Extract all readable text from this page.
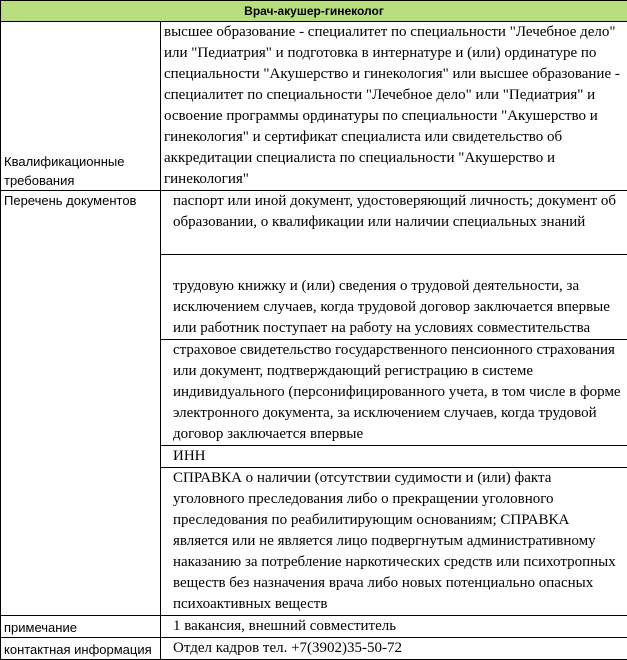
Врач-акушер-гинеколог	
Квалификационные требования	высшее образование - специалитет по специальности "Лечебное дело" или "Педиатрия" и подготовка в интернатуре и (или) ординатуре по специальности "Акушерство и гинекология" или высшее образование - специалитет по специальности "Лечебное дело" или "Педиатрия" и освоение программы ординатуры по специальности "Акушерство и гинекология" и сертификат специалиста или свидетельство об аккредитации специалиста по специальности "Акушерство и гинекология"
Перечень документов	паспорт или иной документ, удостоверяющий личность; документ об образовании, о квалификации или наличии специальных знаний
	трудовую книжку и (или) сведения о трудовой деятельности, за исключением случаев, когда трудовой договор заключается впервые или работник поступает на работу на условиях совместительства
	страховое свидетельство государственного пенсионного страхования или документ, подтверждающий регистрацию в системе индивидуального (персонифицированного учета, в том числе в форме электронного документа, за исключением случаев, когда трудовой договор заключается впервые
	ИНН
	СПРАВКА о наличии (отсутствии судимости и (или) факта уголовного преследования либо о прекращении уголовного преследования по реабилитирующим основаниям; СПРАВКА является или не является лицо подвергнутым административному наказанию за потребление наркотических средств или психотропных веществ без назначения врача либо новых потенциально опасных психоактивных веществ
примечание	1 вакансия, внешний совместитель
контактная информация	Отдел кадров тел. +7(3902)35-50-72
